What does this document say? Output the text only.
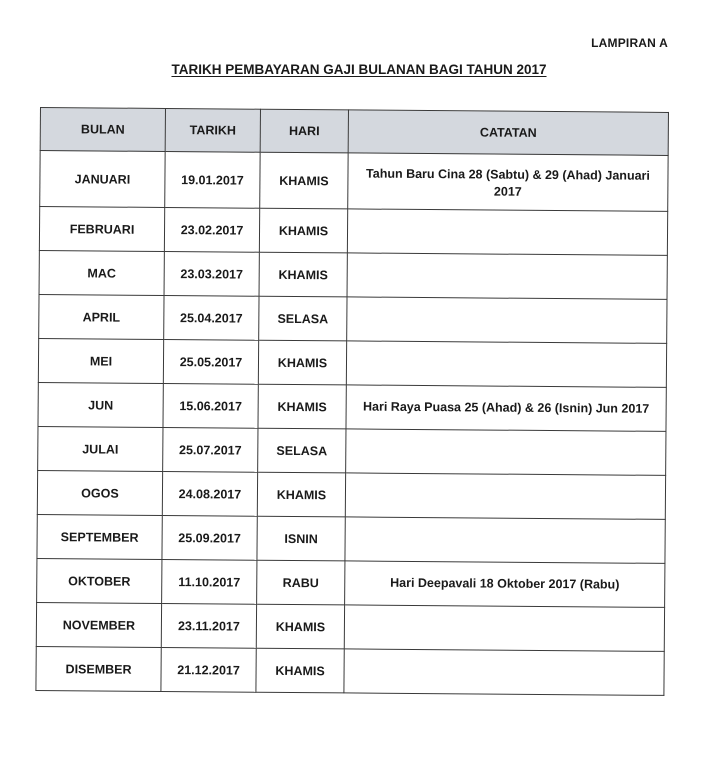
LAMPIRAN A
TARIKH PEMBAYARAN GAJI BULANAN BAGI TAHUN 2017
BULAN	TARIKH	HARI	CATATAN
JANUARI	19.01.2017	KHAMIS	Tahun Baru Cina 28 (Sabtu) & 29 (Ahad) Januari 2017
FEBRUARI	23.02.2017	KHAMIS	
MAC	23.03.2017	KHAMIS	
APRIL	25.04.2017	SELASA	
MEI	25.05.2017	KHAMIS	
JUN	15.06.2017	KHAMIS	Hari Raya Puasa 25 (Ahad) & 26 (Isnin) Jun 2017
JULAI	25.07.2017	SELASA	
OGOS	24.08.2017	KHAMIS	
SEPTEMBER	25.09.2017	ISNIN	
OKTOBER	11.10.2017	RABU	Hari Deepavali 18 Oktober 2017 (Rabu)
NOVEMBER	23.11.2017	KHAMIS	
DISEMBER	21.12.2017	KHAMIS	
